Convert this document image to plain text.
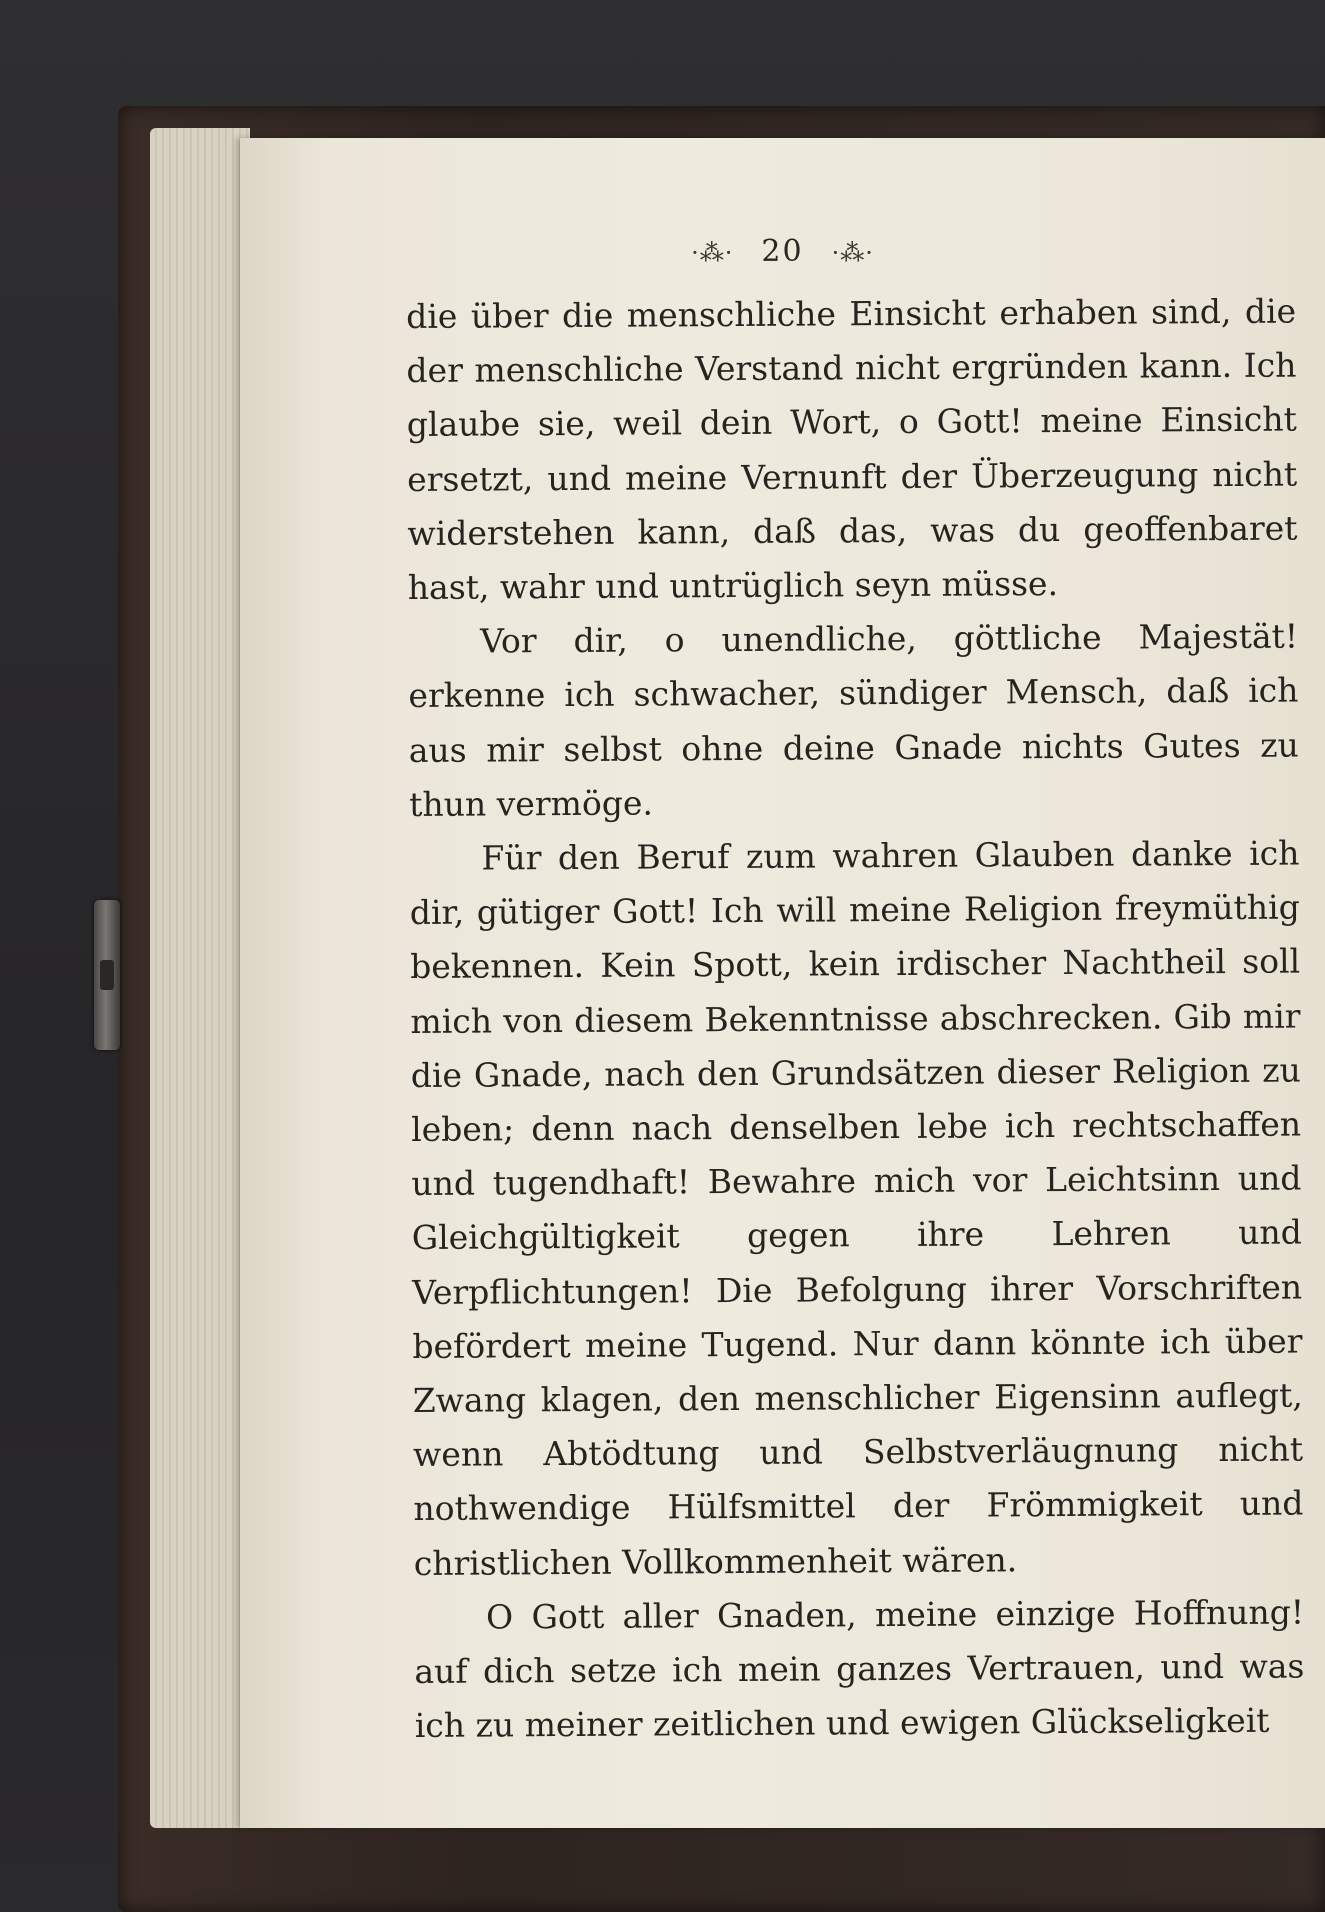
·⁂· 20 ·⁂·

die über die menschliche Einsicht erhaben sind, die der menschliche Verstand nicht ergründen kann. Ich glaube sie, weil dein Wort, o Gott! meine Einsicht ersetzt, und meine Vernunft der Überzeugung nicht widerstehen kann, daß das, was du geoffenbaret hast, wahr und untrüglich seyn müsse.

Vor dir, o unendliche, göttliche Majestät! erkenne ich schwacher, sündiger Mensch, daß ich aus mir selbst ohne deine Gnade nichts Gutes zu thun vermöge.

Für den Beruf zum wahren Glauben danke ich dir, gütiger Gott! Ich will meine Religion freymüthig bekennen. Kein Spott, kein irdischer Nachtheil soll mich von diesem Bekenntnisse abschrecken. Gib mir die Gnade, nach den Grundsätzen dieser Religion zu leben; denn nach denselben lebe ich rechtschaffen und tugendhaft! Bewahre mich vor Leichtsinn und Gleichgültigkeit gegen ihre Lehren und Verpflichtungen! Die Befolgung ihrer Vorschriften befördert meine Tugend. Nur dann könnte ich über Zwang klagen, den menschlicher Eigensinn auflegt, wenn Abtödtung und Selbstverläugnung nicht nothwendige Hülfsmittel der Frömmigkeit und christlichen Vollkommenheit wären.

O Gott aller Gnaden, meine einzige Hoffnung! auf dich setze ich mein ganzes Vertrauen, und was ich zu meiner zeitlichen und ewigen Glückseligkeit
